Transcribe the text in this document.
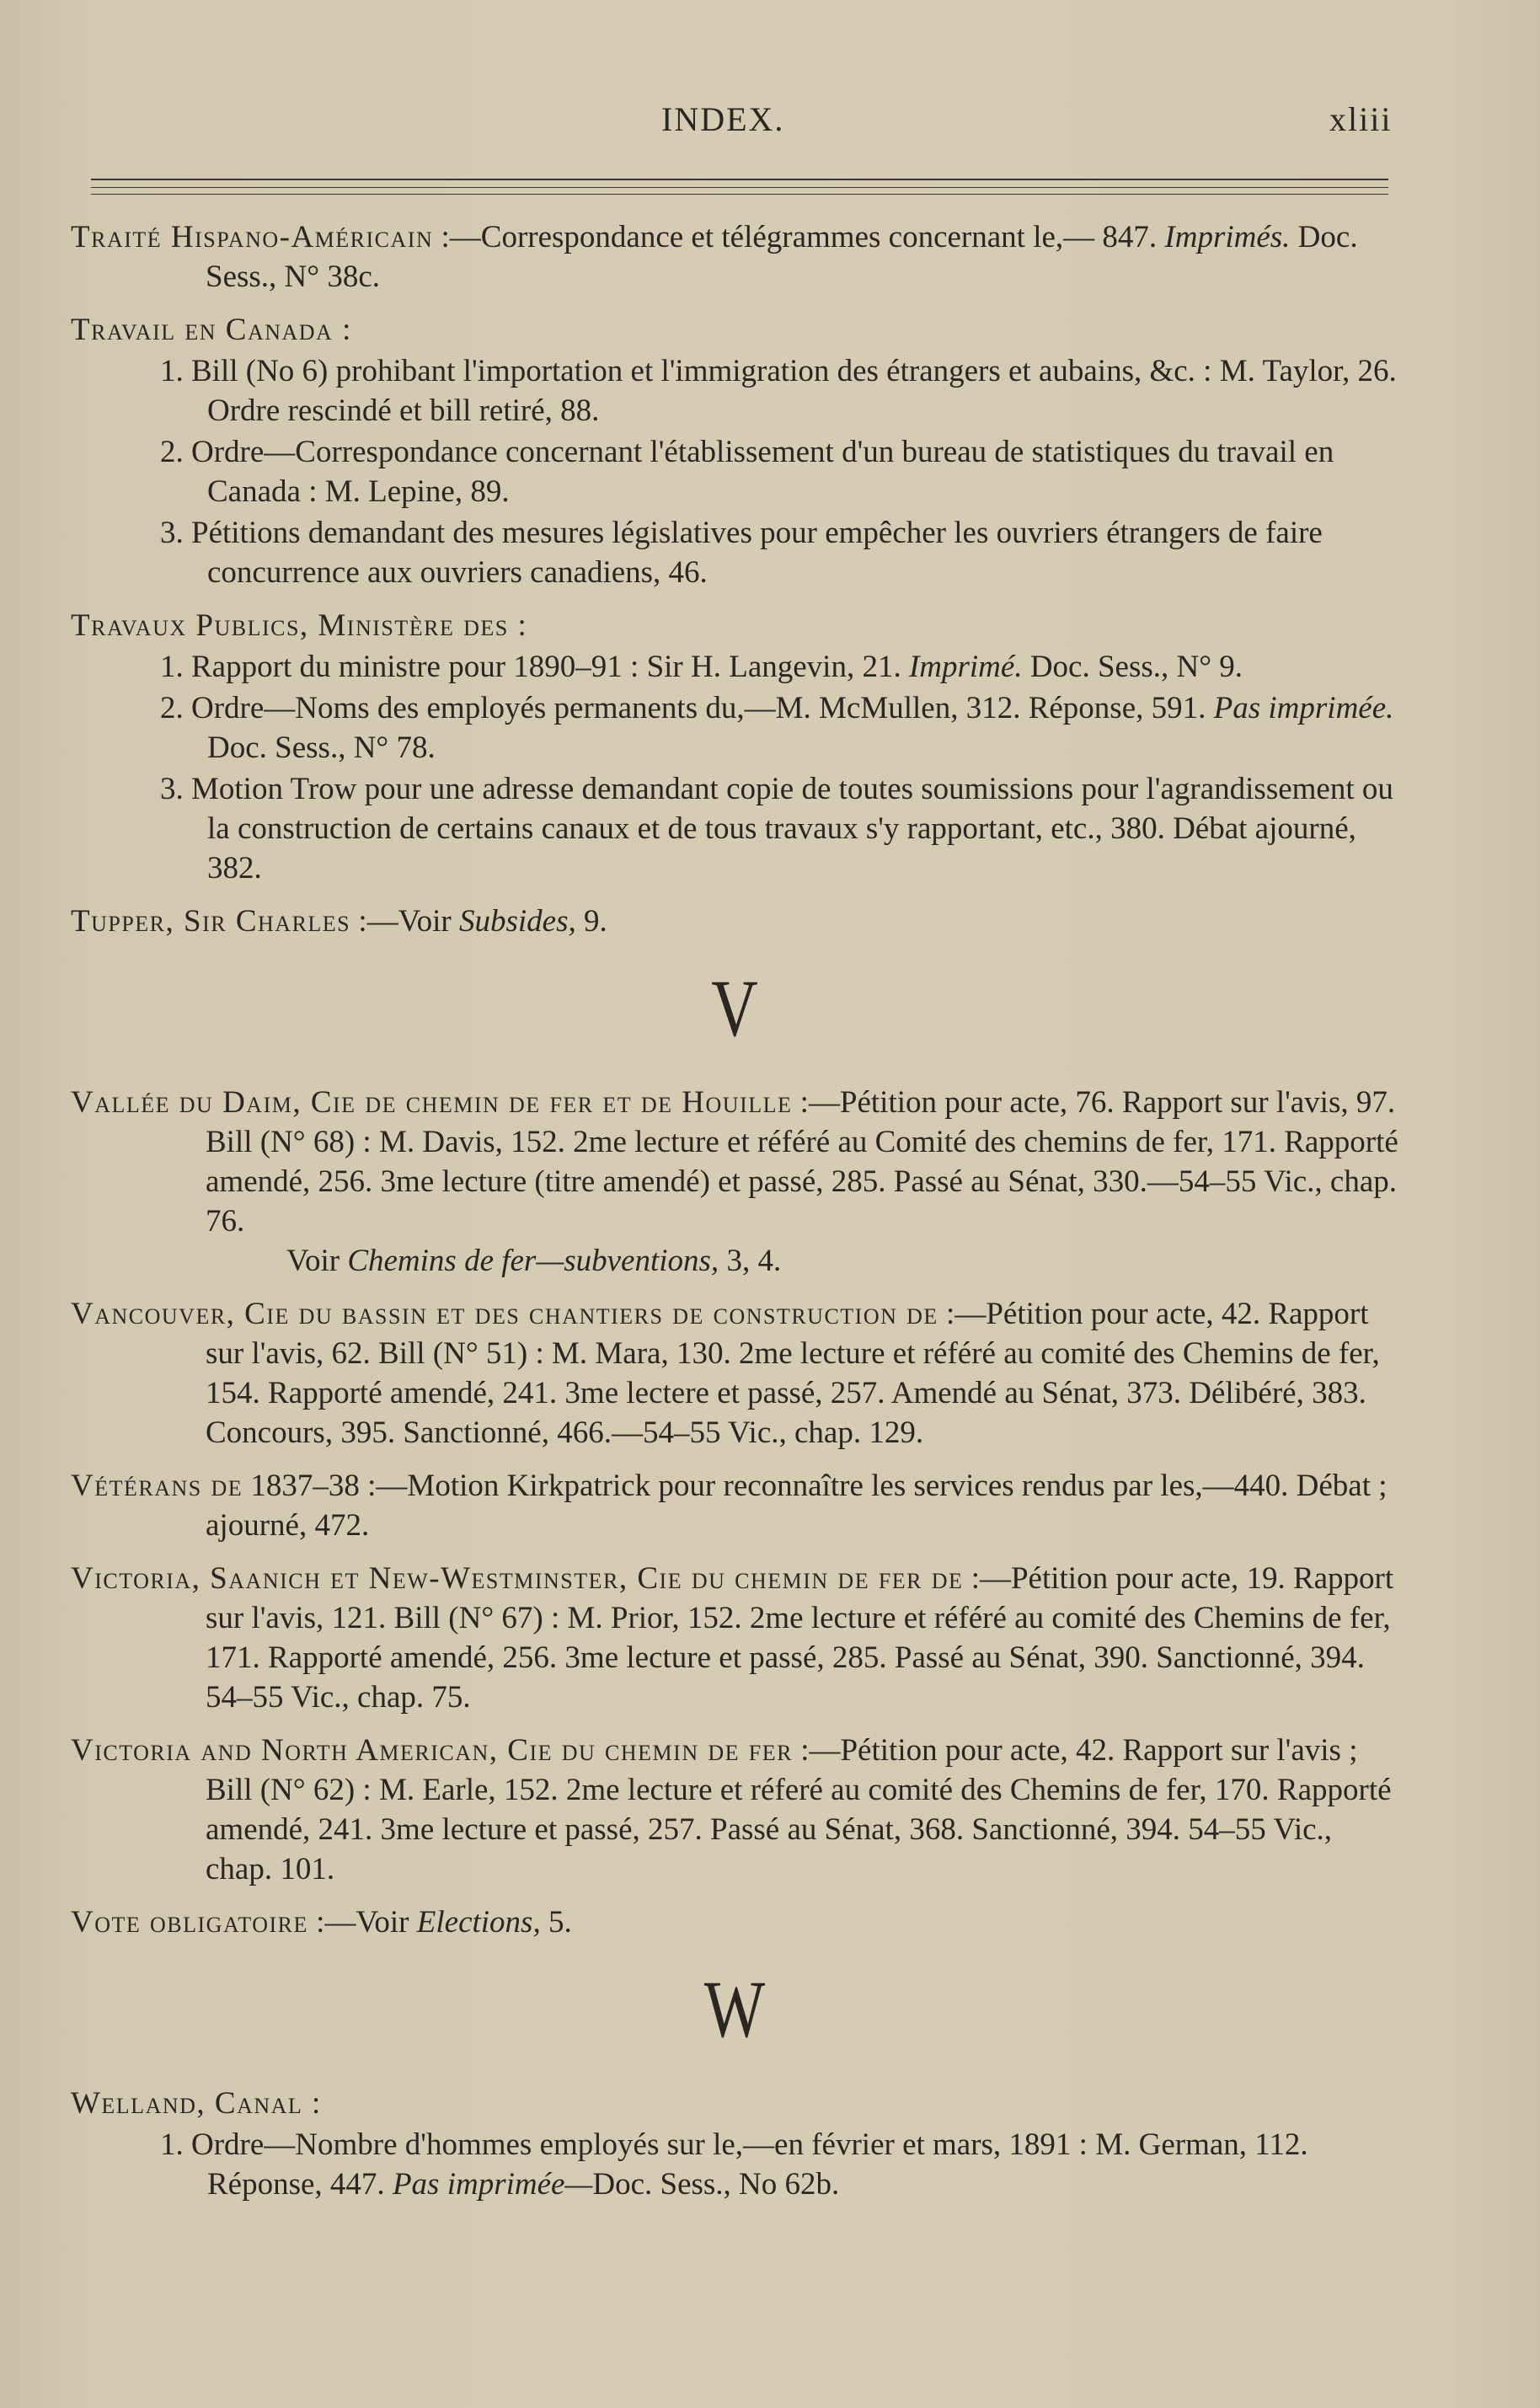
INDEX.	xliii
Traité Hispano-Américain :—Correspondance et télégrammes concernant le,— 847. Imprimés. Doc. Sess., N° 38c.
Travail en Canada :
1. Bill (No 6) prohibant l'importation et l'immigration des étrangers et aubains, &c. : M. Taylor, 26. Ordre rescindé et bill retiré, 88.
2. Ordre—Correspondance concernant l'établissement d'un bureau de statistiques du travail en Canada : M. Lepine, 89.
3. Pétitions demandant des mesures législatives pour empêcher les ouvriers étrangers de faire concurrence aux ouvriers canadiens, 46.
Travaux Publics, Ministère des :
1. Rapport du ministre pour 1890–91 : Sir H. Langevin, 21. Imprimé. Doc. Sess., N° 9.
2. Ordre—Noms des employés permanents du,—M. McMullen, 312. Réponse, 591. Pas imprimée. Doc. Sess., N° 78.
3. Motion Trow pour une adresse demandant copie de toutes soumissions pour l'agrandissement ou la construction de certains canaux et de tous travaux s'y rapportant, etc., 380. Débat ajourné, 382.
Tupper, Sir Charles :—Voir Subsides, 9.
V
Vallée du Daim, Cie de chemin de fer et de Houille :—Pétition pour acte, 76. Rapport sur l'avis, 97. Bill (N° 68) : M. Davis, 152. 2me lecture et référé au Comité des chemins de fer, 171. Rapporté amendé, 256. 3me lecture (titre amendé) et passé, 285. Passé au Sénat, 330.—54–55 Vic., chap. 76.
Voir Chemins de fer—subventions, 3, 4.
Vancouver, Cie du bassin et des chantiers de construction de :—Pétition pour acte, 42. Rapport sur l'avis, 62. Bill (N° 51) : M. Mara, 130. 2me lecture et référé au comité des Chemins de fer, 154. Rapporté amendé, 241. 3me lectere et passé, 257. Amendé au Sénat, 373. Délibéré, 383. Concours, 395. Sanctionné, 466.—54–55 Vic., chap. 129.
Vétérans de 1837–38 :—Motion Kirkpatrick pour reconnaître les services rendus par les,—440. Débat ; ajourné, 472.
Victoria, Saanich et New-Westminster, Cie du chemin de fer de :—Pétition pour acte, 19. Rapport sur l'avis, 121. Bill (N° 67) : M. Prior, 152. 2me lecture et référé au comité des Chemins de fer, 171. Rapporté amendé, 256. 3me lecture et passé, 285. Passé au Sénat, 390. Sanctionné, 394. 54–55 Vic., chap. 75.
Victoria and North American, Cie du chemin de fer :—Pétition pour acte, 42. Rapport sur l'avis ; Bill (N° 62) : M. Earle, 152. 2me lecture et réferé au comité des Chemins de fer, 170. Rapporté amendé, 241. 3me lecture et passé, 257. Passé au Sénat, 368. Sanctionné, 394. 54–55 Vic., chap. 101.
Vote obligatoire :—Voir Elections, 5.
W
Welland, Canal :
1. Ordre—Nombre d'hommes employés sur le,—en février et mars, 1891 : M. German, 112. Réponse, 447. Pas imprimée—Doc. Sess., No 62b.
